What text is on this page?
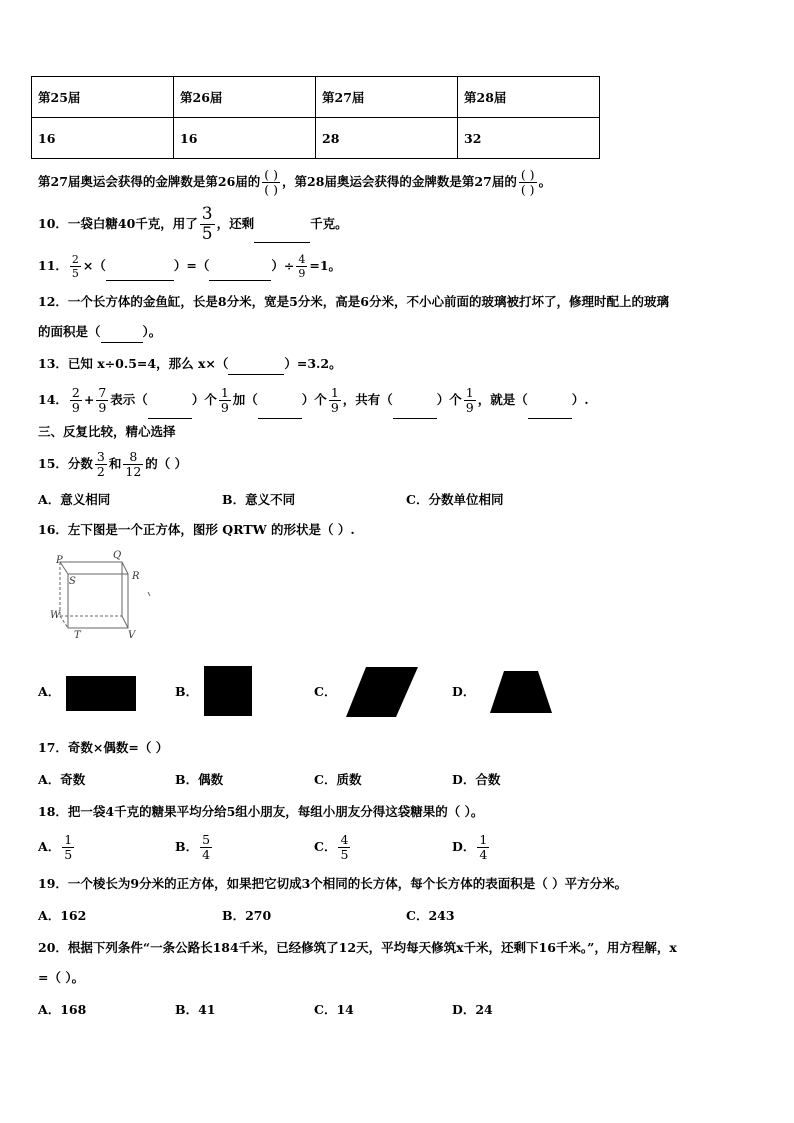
第25届	第26届	第27届	第28届
16	16	28	32
第27届奥运会获得的金牌数是第26届的 $\frac{( )}{( )}$ ，第28届奥运会获得的金牌数是第27届的 $\frac{( )}{( )}$ 。
10．一袋白糖40千克，用了 $\frac{3}{5}$ ，还剩	千克。
11． $\frac{2}{5}$ ×（	）=（	）÷ $\frac{4}{9} =1$。
12．一个长方体的金鱼缸，长是8分米，宽是5分米，高是6分米，不小心前面的玻璃被打坏了，修理时配上的玻璃
的面积是（	）。
13．已知 x÷0.5=4，那么 x×（	）=3.2。
14． $\frac{2}{9} + \frac{7}{9}$ 表示（	）个 $\frac{1}{9}$ 加（	）个 $\frac{1}{9}$ ，共有（	）个 $\frac{1}{9}$ ，就是（	）.
三、反复比较，精心选择
15．分数 $\frac{3}{2}$ 和 $\frac{8}{12}$ 的（ ）
A．意义相同	B．意义不同	C．分数单位相同
16．左下图是一个正方体，图形 QRTW 的形状是（ ）.
P	Q
S	R
W
T	V
A．	B．	C．	D．
17．奇数×偶数=（ ）
A．奇数	B．偶数	C．质数	D．合数
18．把一袋4千克的糖果平均分给5组小朋友，每组小朋友分得这袋糖果的（ ）。
A． $\frac{1}{5}$	B． $\frac{5}{4}$	C． $\frac{4}{5}$	D． $\frac{1}{4}$
19．一个棱长为9分米的正方体，如果把它切成3个相同的长方体，每个长方体的表面积是（ ）平方分米。
A．162	B．270	C．243
20．根据下列条件“一条公路长184千米，已经修筑了12天，平均每天修筑x千米，还剩下16千米。”，用方程解，x
=（ ）。
A．168	B．41	C．14	D．24
